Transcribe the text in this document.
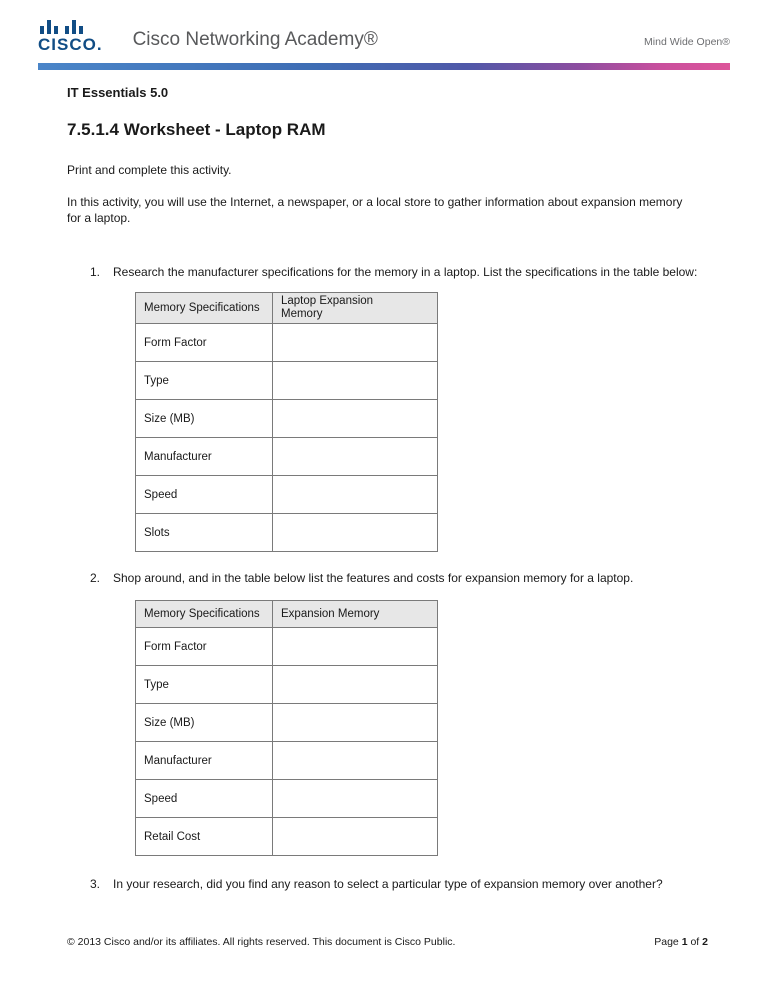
CISCO. Cisco Networking Academy®	Mind Wide Open®

IT Essentials 5.0

7.5.1.4 Worksheet - Laptop RAM

Print and complete this activity.

In this activity, you will use the Internet, a newspaper, or a local store to gather information about expansion memory for a laptop.

1.	Research the manufacturer specifications for the memory in a laptop. List the specifications in the table below:
Memory Specifications	Laptop Expansion Memory

Form Factor	
Type	
Size (MB)	
Manufacturer	
Speed	
Slots	
2.	Shop around, and in the table below list the features and costs for expansion memory for a laptop.
Memory Specifications	Expansion Memory
Form Factor	
Type	
Size (MB)	
Manufacturer	
Speed	
Retail Cost	
3.	In your research, did you find any reason to select a particular type of expansion memory over another?
© 2013 Cisco and/or its affiliates. All rights reserved. This document is Cisco Public.	Page 1 of 2
